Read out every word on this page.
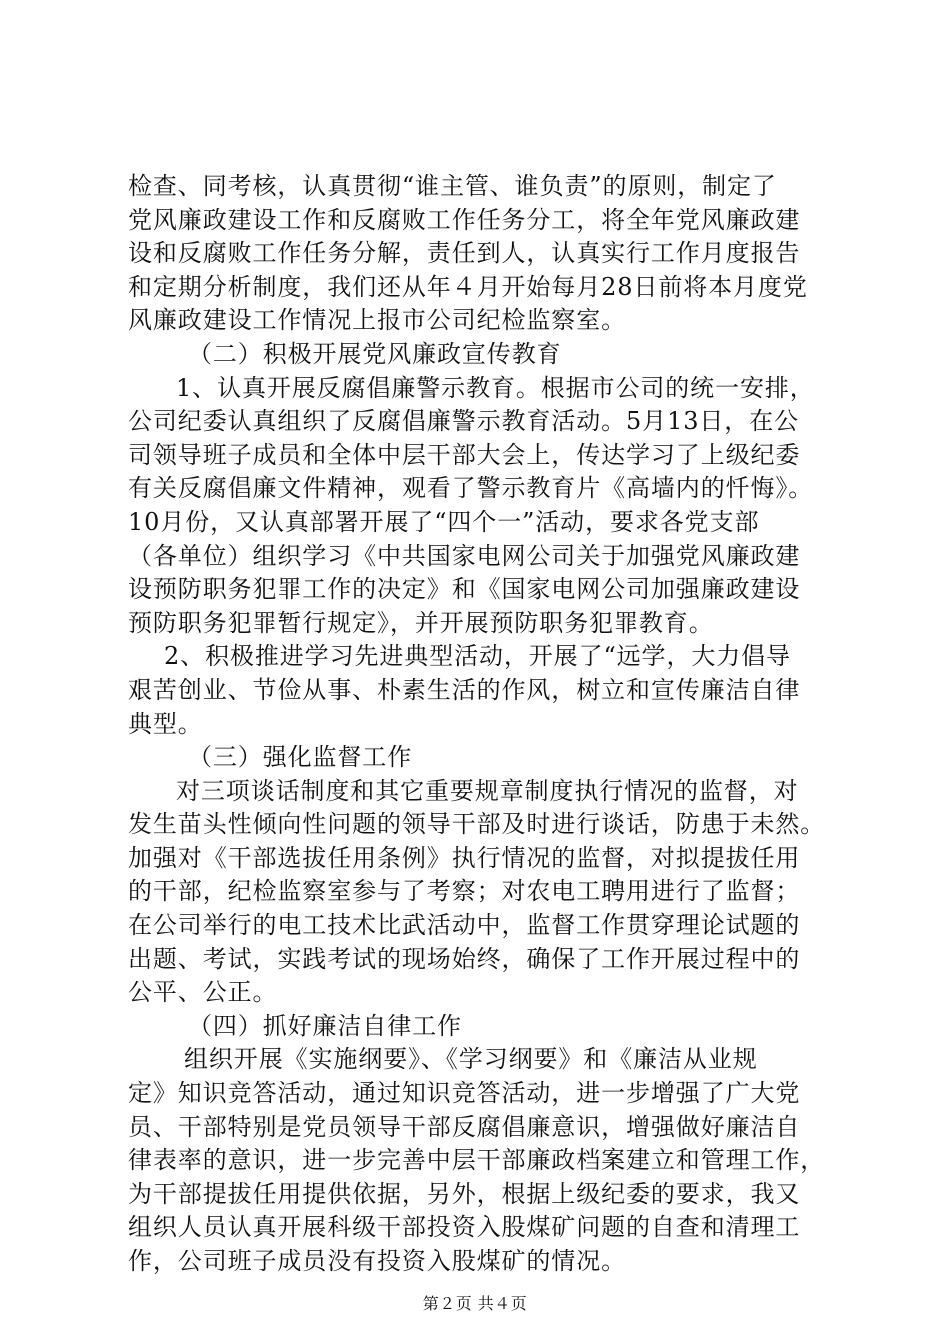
检查、同考核，认真贯彻“谁主管、谁负责”的原则，制定了
党风廉政建设工作和反腐败工作任务分工，将全年党风廉政建
设和反腐败工作任务分解，责任到人，认真实行工作月度报告
和定期分析制度，我们还从年４月开始每月28日前将本月度党
风廉政建设工作情况上报市公司纪检监察室。
（二）积极开展党风廉政宣传教育
1、认真开展反腐倡廉警示教育。根据市公司的统一安排，
公司纪委认真组织了反腐倡廉警示教育活动。5月13日，在公
司领导班子成员和全体中层干部大会上，传达学习了上级纪委
有关反腐倡廉文件精神，观看了警示教育片《高墙内的忏悔》。
10月份，又认真部署开展了“四个一”活动，要求各党支部
（各单位）组织学习《中共国家电网公司关于加强党风廉政建
设预防职务犯罪工作的决定》和《国家电网公司加强廉政建设
预防职务犯罪暂行规定》，并开展预防职务犯罪教育。
2、积极推进学习先进典型活动，开展了“远学，大力倡导
艰苦创业、节俭从事、朴素生活的作风，树立和宣传廉洁自律
典型。
（三）强化监督工作
对三项谈话制度和其它重要规章制度执行情况的监督，对
发生苗头性倾向性问题的领导干部及时进行谈话，防患于未然。
加强对《干部选拔任用条例》执行情况的监督，对拟提拔任用
的干部，纪检监察室参与了考察；对农电工聘用进行了监督；
在公司举行的电工技术比武活动中，监督工作贯穿理论试题的
出题、考试，实践考试的现场始终，确保了工作开展过程中的
公平、公正。
（四）抓好廉洁自律工作
组织开展《实施纲要》、《学习纲要》和《廉洁从业规
定》知识竞答活动，通过知识竞答活动，进一步增强了广大党
员、干部特别是党员领导干部反腐倡廉意识，增强做好廉洁自
律表率的意识，进一步完善中层干部廉政档案建立和管理工作，
为干部提拔任用提供依据，另外，根据上级纪委的要求，我又
组织人员认真开展科级干部投资入股煤矿问题的自查和清理工
作，公司班子成员没有投资入股煤矿的情况。
第２页 共４页
